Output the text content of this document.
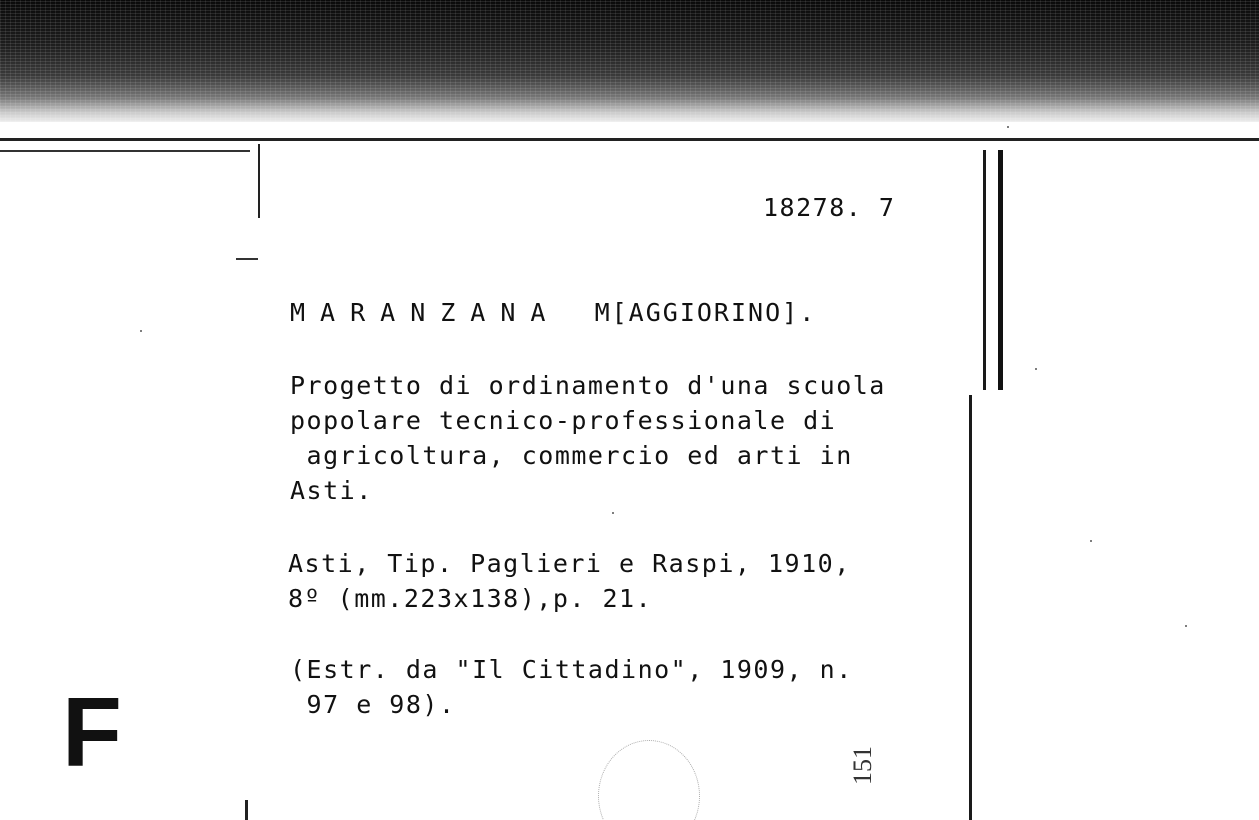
18278. 7
MARANZANA M[AGGIORINO].
Progetto di ordinamento d'una scuola
popolare tecnico-professionale di
agricoltura, commercio ed arti in
Asti.
Asti, Tip. Paglieri e Raspi, 1910,
8º (mm.223x138),p. 21.
(Estr. da "Il Cittadino", 1909, n.
97 e 98).
F	151
